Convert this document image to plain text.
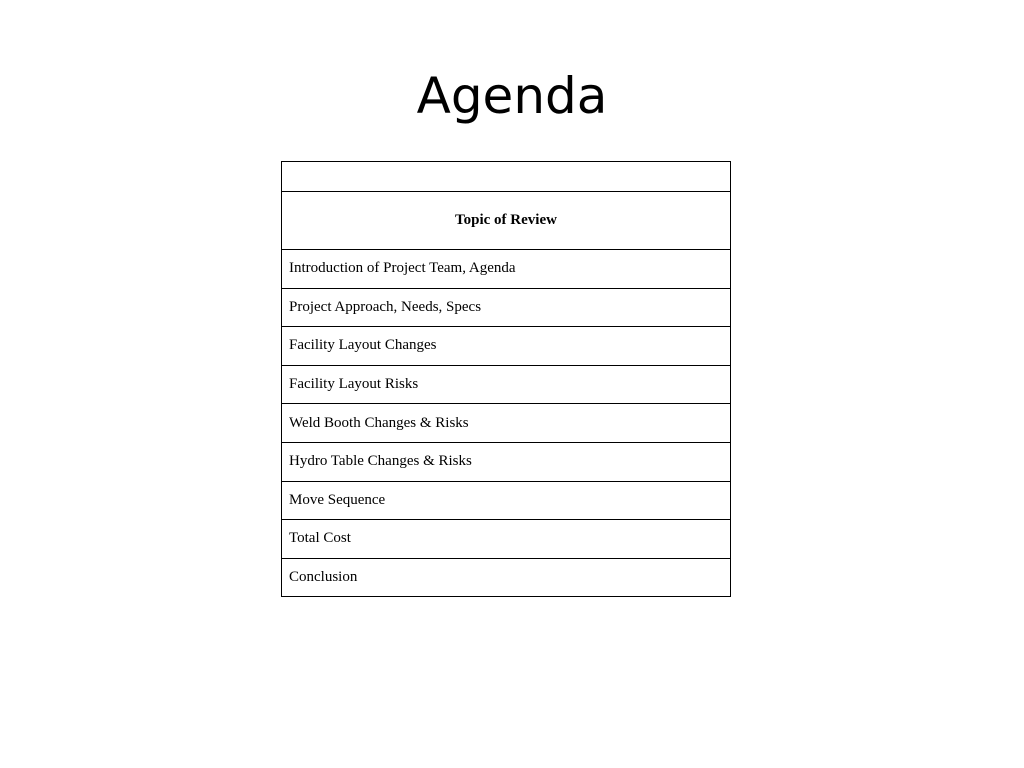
Agenda

Topic of Review
Introduction of Project Team, Agenda
Project Approach, Needs, Specs
Facility Layout Changes
Facility Layout Risks
Weld Booth Changes & Risks
Hydro Table Changes & Risks
Move Sequence
Total Cost
Conclusion
